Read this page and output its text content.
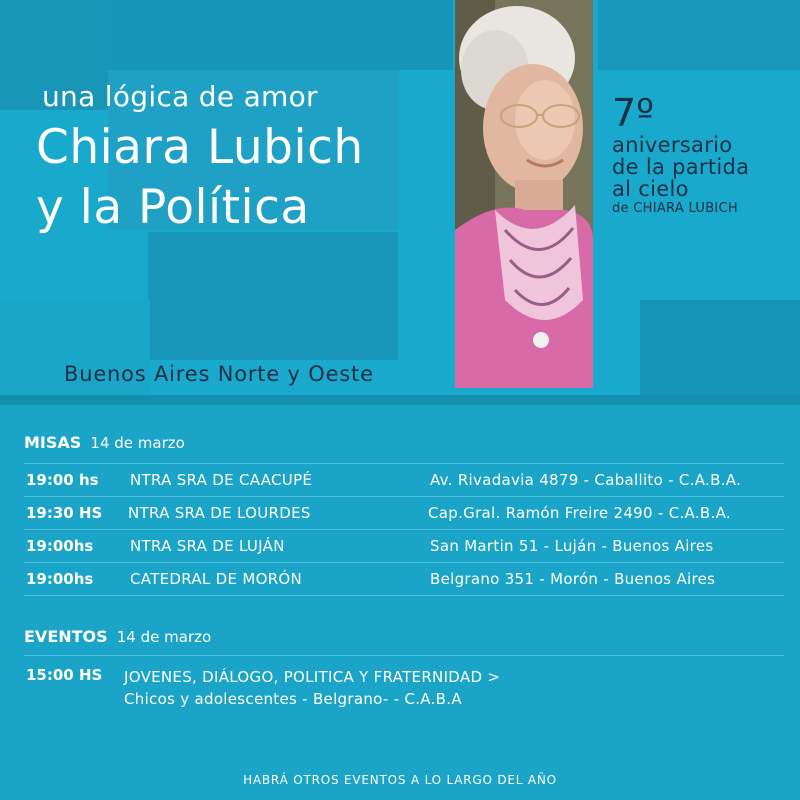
una lógica de amor

Chiara Lubich

y la Política

Buenos Aires Norte y Oeste

7º

aniversario

de la partida

al cielo

de CHIARA LUBICH

MISAS 14 de marzo
19:00 hs NTRA SRA DE CAACUPÉ	Av. Rivadavia 4879 - Caballito - C.A.B.A.
19:30 HS NTRA SRA DE LOURDES	Cap.Gral. Ramón Freire 2490 - C.A.B.A.
19:00hs NTRA SRA DE LUJÁN	San Martin 51 - Luján - Buenos Aires
19:00hs CATEDRAL DE MORÓN	Belgrano 351 - Morón - Buenos Aires
EVENTOS 14 de marzo
15:00 HS JOVENES, DIÁLOGO, POLITICA Y FRATERNIDAD >
Chicos y adolescentes - Belgrano- - C.A.B.A
HABRÁ OTROS EVENTOS A LO LARGO DEL AÑO
